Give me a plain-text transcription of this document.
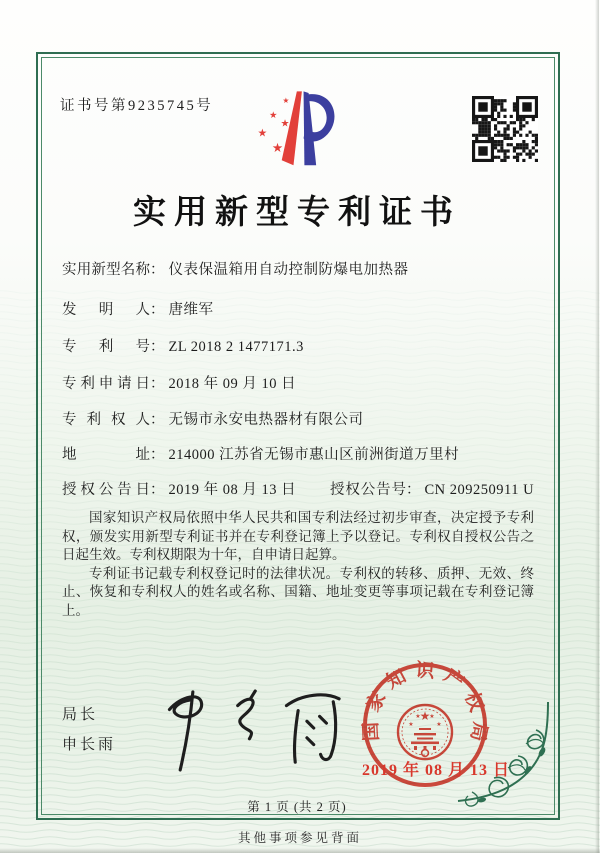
证书号第9235745号	★
★
★
★
★
实用新型专利证书
实用新型名称： 仪表保温箱用自动控制防爆电加热器
发明人： 唐维军
专利号： ZL 2018 2 1477171.3
专利申请日： 2018 年 09 月 10 日
专利权人： 无锡市永安电热器材有限公司
地址： 214000 江苏省无锡市惠山区前洲街道万里村
授权公告日： 2019 年 08 月 13 日 授权公告号： CN 209250911 U

国家知识产权局依照中华人民共和国专利法经过初步审查，决定授予专利权，颁发实用新型专利证书并在专利登记簿上予以登记。专利权自授权公告之日起生效。专利权期限为十年，自申请日起算。

专利证书记载专利权登记时的法律状况。专利权的转移、质押、无效、终止、恢复和专利权人的姓名或名称、国籍、地址变更等事项记载在专利登记簿上。

局长
申长雨
国家知识产权局
★
★
★ ★
★
2019 年 08 月 13 日
第 1 页 (共 2 页)
其他事项参见背面
